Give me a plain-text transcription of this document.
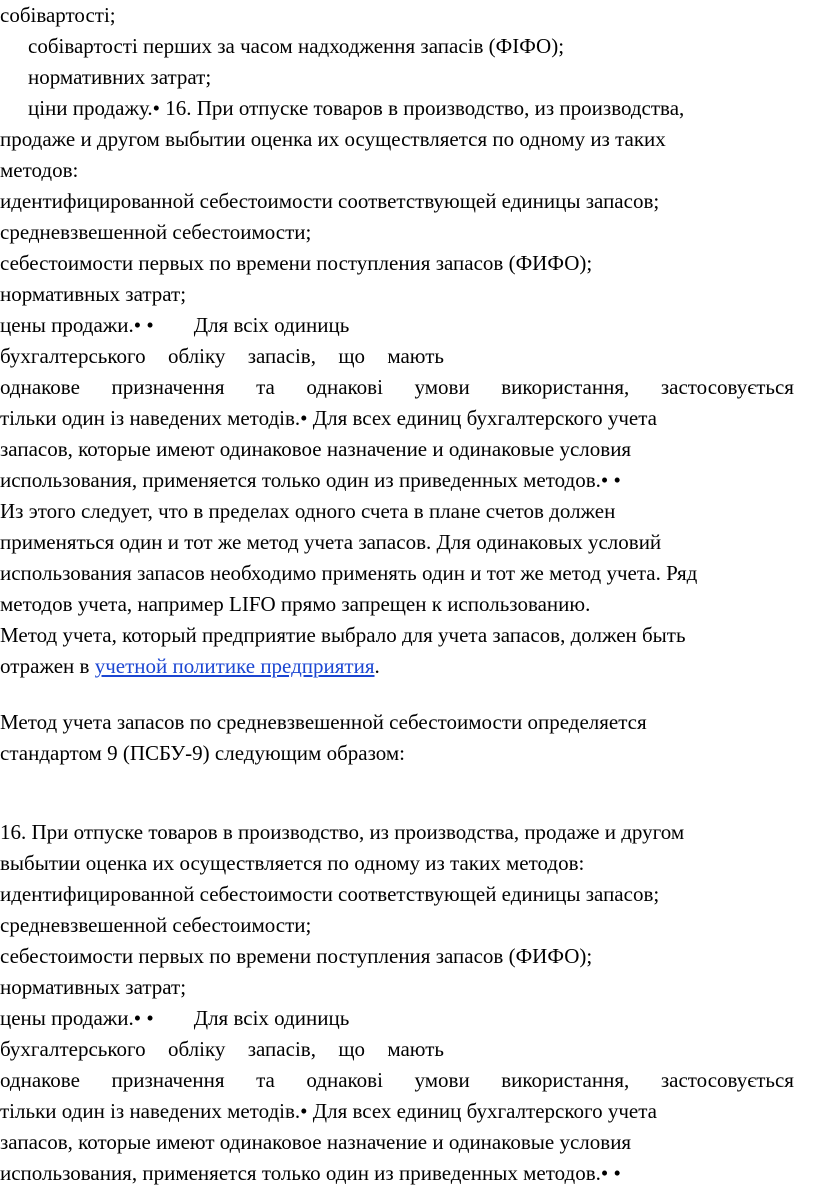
собівартості;
собівартості перших за часом надходження запасів (ФІФО);
нормативних затрат;
ціни продажу.• 16. При отпуске товаров в производство, из производства,
продаже и другом выбытии оценка их осуществляется по одному из таких
методов:
идентифицированной себестоимости соответствующей единицы запасов;
средневзвешенной себестоимости;
себестоимости первых по времени поступления запасов (ФИФО);
нормативных затрат;
цены продажи.• • Для всіх одиниць
бухгалтерського обліку запасів, що мають
однакове призначення та однакові умови використання, застосовується
тільки один із наведених методів.• Для всех единиц бухгалтерского учета
запасов, которые имеют одинаковое назначение и одинаковые условия
использования, применяется только один из приведенных методов.• •
Из этого следует, что в пределах одного счета в плане счетов должен
применяться один и тот же метод учета запасов. Для одинаковых условий
использования запасов необходимо применять один и тот же метод учета. Ряд
методов учета, например LIFO прямо запрещен к использованию.
Метод учета, который предприятие выбрало для учета запасов, должен быть
отражен в учетной политике предприятия.
Метод учета запасов по средневзвешенной себестоимости определяется
стандартом 9 (ПСБУ-9) следующим образом:
16. При отпуске товаров в производство, из производства, продаже и другом
выбытии оценка их осуществляется по одному из таких методов:
идентифицированной себестоимости соответствующей единицы запасов;
средневзвешенной себестоимости;
себестоимости первых по времени поступления запасов (ФИФО);
нормативных затрат;
цены продажи.• • Для всіх одиниць
бухгалтерського обліку запасів, що мають
однакове призначення та однакові умови використання, застосовується
тільки один із наведених методів.• Для всех единиц бухгалтерского учета
запасов, которые имеют одинаковое назначение и одинаковые условия
использования, применяется только один из приведенных методов.• •
